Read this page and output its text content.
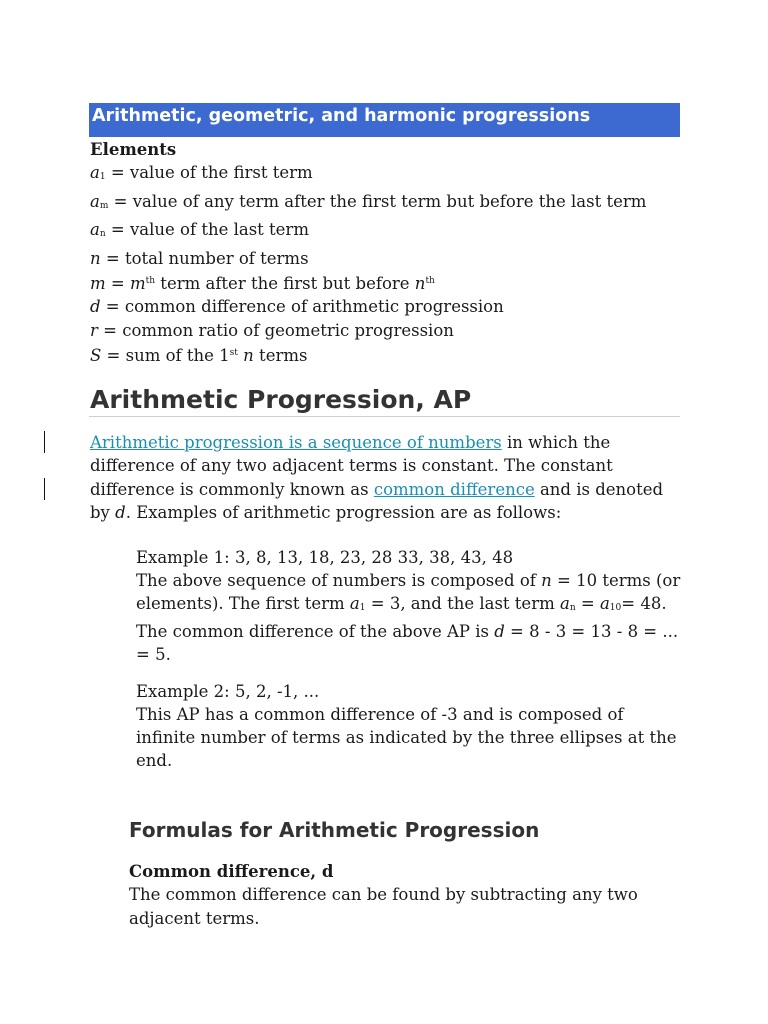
Arithmetic, geometric, and harmonic progressions
Elements
a1 = value of the first term
am = value of any term after the first term but before the last term
an = value of the last term
n = total number of terms
$m = m^{th}$ term after the first but before $n^{th}$
d = common difference of arithmetic progression
r = common ratio of geometric progression
S = sum of the 1st n terms
Arithmetic Progression, AP
Arithmetic progression is a sequence of numbers in which the
difference of any two adjacent terms is constant. The constant
difference is commonly known as common difference and is denoted
by d. Examples of arithmetic progression are as follows:
Example 1: 3, 8, 13, 18, 23, 28 33, 38, 43, 48
The above sequence of numbers is composed of n = 10 terms (or
elements). The first term a1 = 3, and the last term an = a10= 48.
The common difference of the above AP is d = 8 - 3 = 13 - 8 = ...
= 5.
Example 2: 5, 2, -1, ...
This AP has a common difference of -3 and is composed of
infinite number of terms as indicated by the three ellipses at the
end.
Formulas for Arithmetic Progression
Common difference, d
The common difference can be found by subtracting any two
adjacent terms.
